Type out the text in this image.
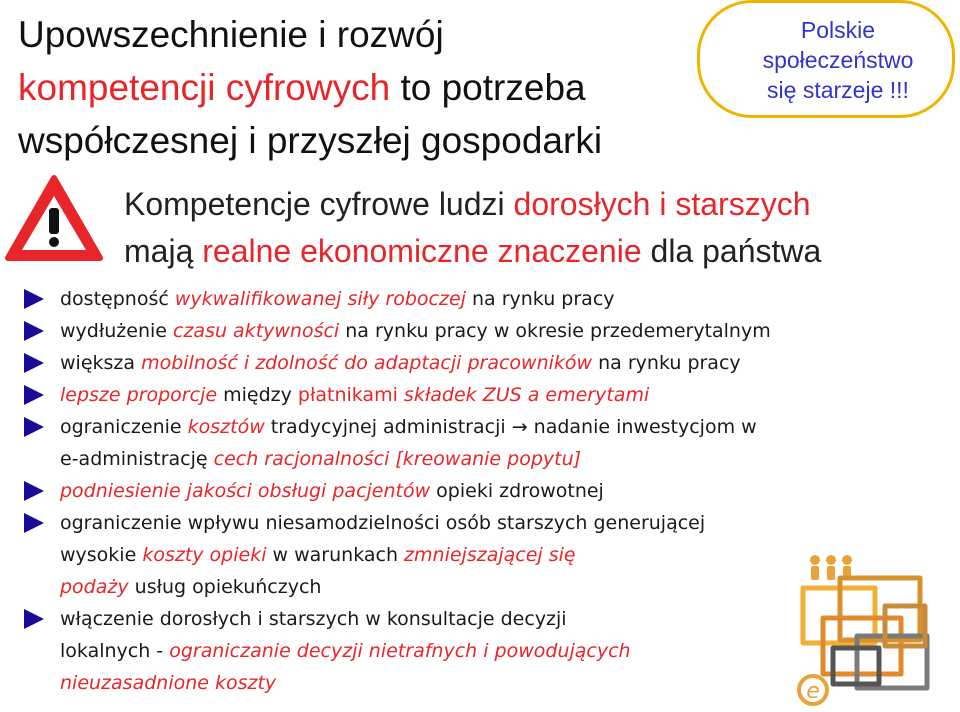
Upowszechnienie i rozwój
kompetencji cyfrowych to potrzeba
współczesnej i przyszłej gospodarki
Polskie
społeczeństwo
się starzeje !!!
Kompetencje cyfrowe ludzi dorosłych i starszych
mają realne ekonomiczne znaczenie dla państwa
dostępność wykwalifikowanej siły roboczej na rynku pracy
wydłużenie czasu aktywności na rynku pracy w okresie przedemerytalnym
większa mobilność i zdolność do adaptacji pracowników na rynku pracy
lepsze proporcje między płatnikami składek ZUS a emerytami
ograniczenie kosztów tradycyjnej administracji → nadanie inwestycjom w
e-administrację cech racjonalności [kreowanie popytu]
podniesienie jakości obsługi pacjentów opieki zdrowotnej
ograniczenie wpływu niesamodzielności osób starszych generującej
wysokie koszty opieki w warunkach zmniejszającej się
podaży usług opiekuńczych
włączenie dorosłych i starszych w konsultacje decyzji
lokalnych - ograniczanie decyzji nietrafnych i powodujących
nieuzasadnione koszty	e
